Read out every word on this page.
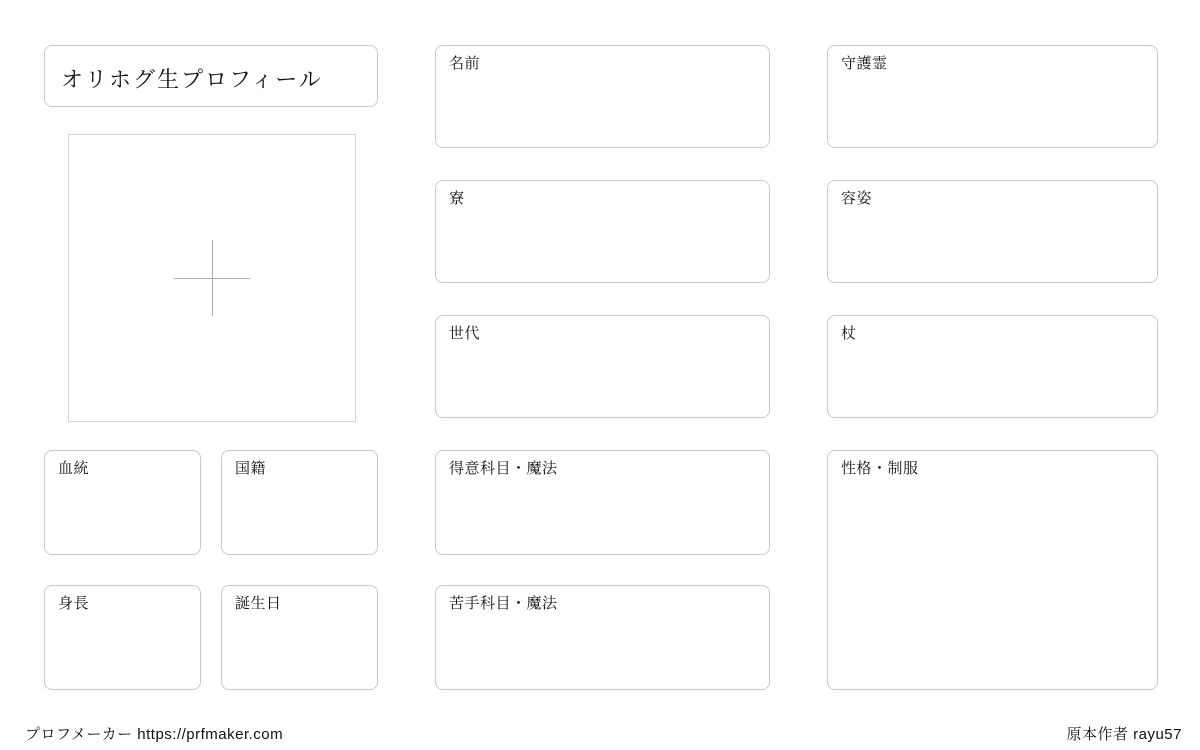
オリホグ生プロフィール
血統	国籍
身長	誕生日
名前
寮
世代
得意科目・魔法
苦手科目・魔法
守護霊
容姿
杖
性格・制服
プロフメーカー https://prfmaker.com	原本作者 rayu57
